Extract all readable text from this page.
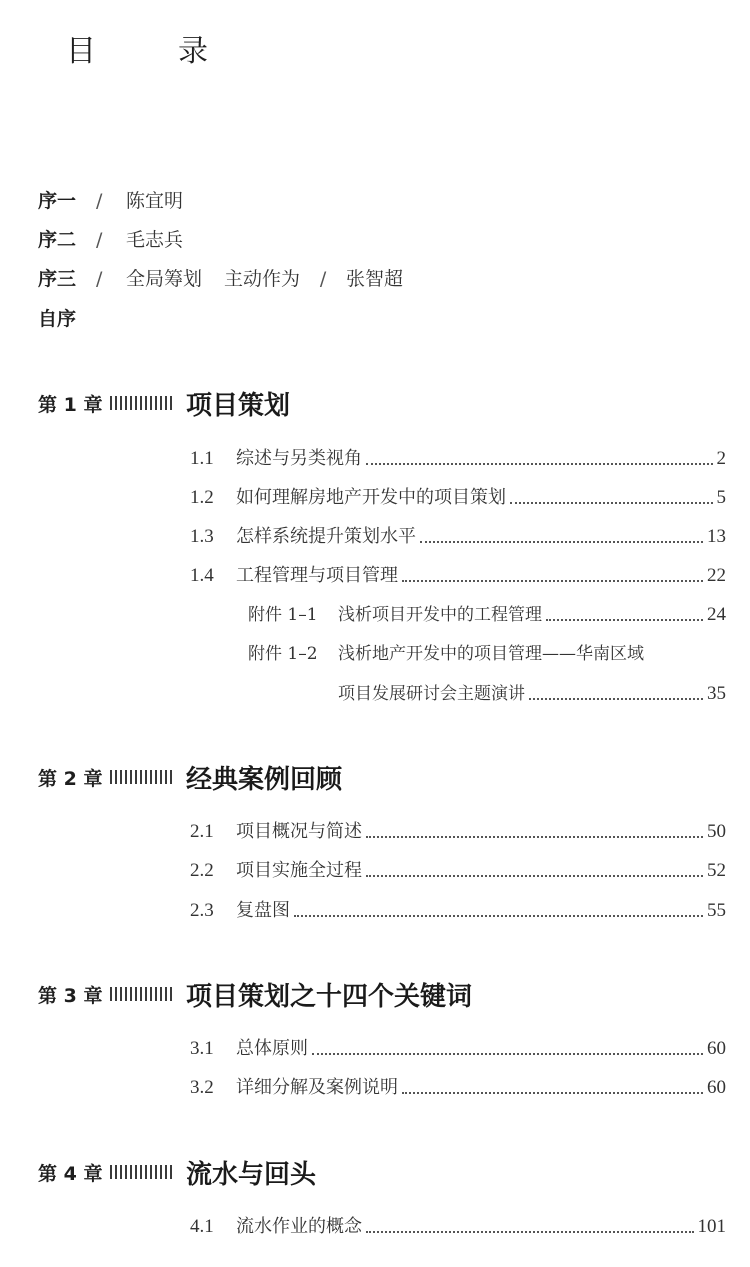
目　录
序一 / 陈宜明
序二 / 毛志兵
序三 / 全局筹划 主动作为 / 张智超
自序
第 1 章	项目策划
1.1	综述与另类视角	2
1.2	如何理解房地产开发中的项目策划	5
1.3	怎样系统提升策划水平	13
1.4	工程管理与项目管理	22
附件 1–1	浅析项目开发中的工程管理	24
附件 1–2	浅析地产开发中的项目管理——华南区域
项目发展研讨会主题演讲	35
第 2 章	经典案例回顾
2.1	项目概况与简述	50
2.2	项目实施全过程	52
2.3	复盘图	55
第 3 章	项目策划之十四个关键词
3.1	总体原则	60
3.2	详细分解及案例说明	60
第 4 章	流水与回头
4.1	流水作业的概念	101
